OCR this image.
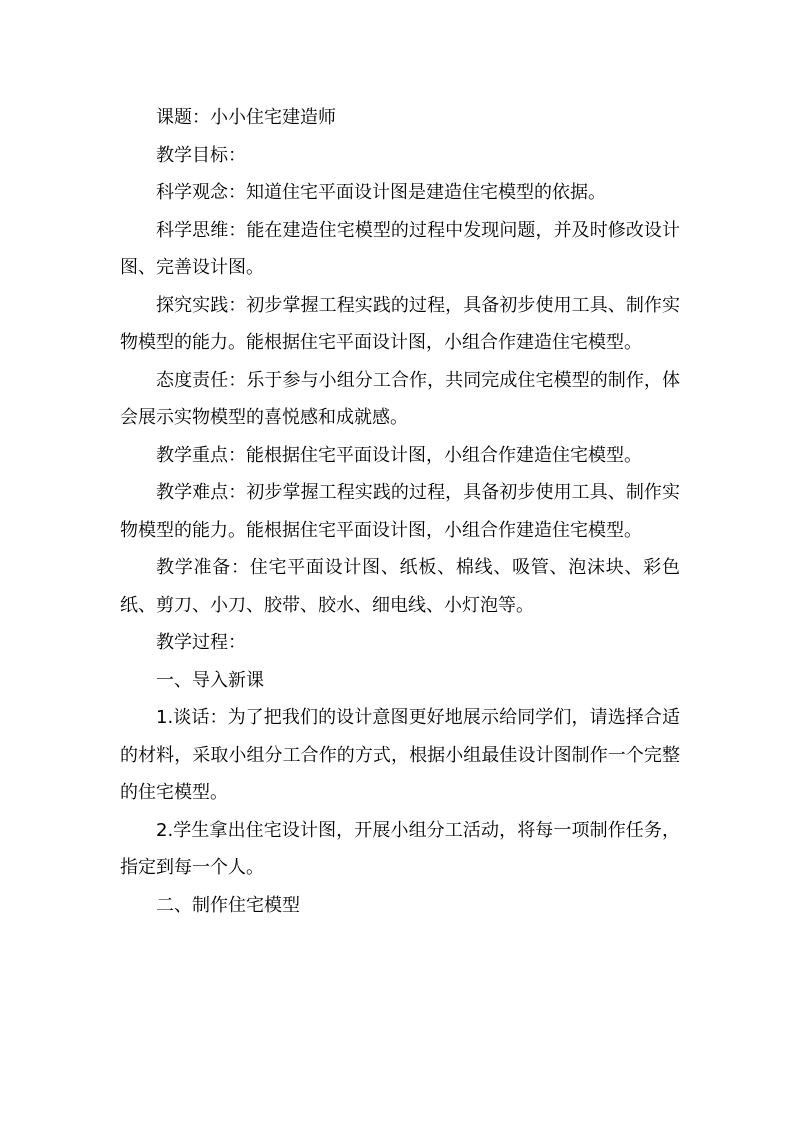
课题：小小住宅建造师

教学目标：

科学观念：知道住宅平面设计图是建造住宅模型的依据。

科学思维：能在建造住宅模型的过程中发现问题，并及时修改设计图、完善设计图。

探究实践：初步掌握工程实践的过程，具备初步使用工具、制作实物模型的能力。能根据住宅平面设计图，小组合作建造住宅模型。

态度责任：乐于参与小组分工合作，共同完成住宅模型的制作，体会展示实物模型的喜悦感和成就感。

教学重点：能根据住宅平面设计图，小组合作建造住宅模型。

教学难点：初步掌握工程实践的过程，具备初步使用工具、制作实物模型的能力。能根据住宅平面设计图，小组合作建造住宅模型。

教学准备：住宅平面设计图、纸板、棉线、吸管、泡沫块、彩色纸、剪刀、小刀、胶带、胶水、细电线、小灯泡等。

教学过程：

一、导入新课

1.谈话：为了把我们的设计意图更好地展示给同学们，请选择合适的材料，采取小组分工合作的方式，根据小组最佳设计图制作一个完整的住宅模型。

2.学生拿出住宅设计图，开展小组分工活动，将每一项制作任务，指定到每一个人。

二、制作住宅模型
